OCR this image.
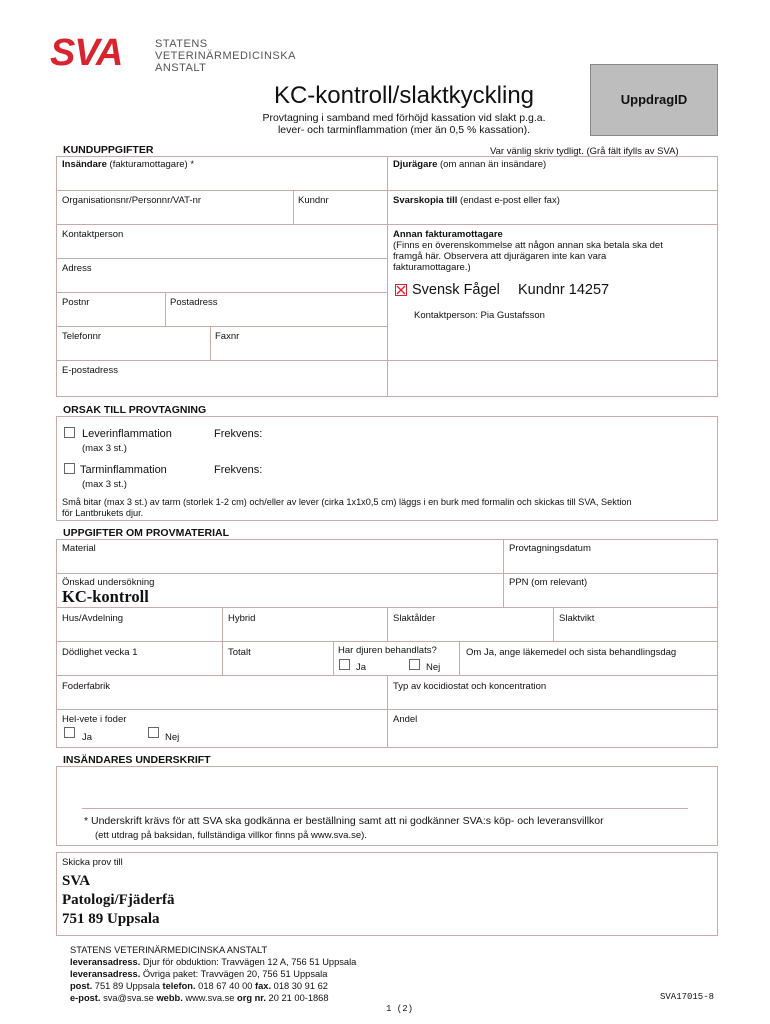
SVA	STATENS
VETERINÄRMEDICINSKA
ANSTALT
KC-kontroll/slaktkyckling
Provtagning i samband med förhöjd kassation vid slakt p.g.a.
lever- och tarminflammation (mer än 0,5 % kassation).
UppdragID
KUNDUPPGIFTER	Var vänlig skriv tydligt. (Grå fält ifylls av SVA)
Insändare (fakturamottagare) *	Djurägare (om annan än insändare)
Organisationsnr/Personnr/VAT-nr	Kundnr	Svarskopia till (endast e-post eller fax)
Kontaktperson	Annan fakturamottagare
(Finns en överenskommelse att någon annan ska betala ska det
framgå här. Observera att djurägaren inte kan vara
fakturamottagare.)
Adress
Svensk Fågel Kundnr 14257
Kontaktperson: Pia Gustafsson
Postnr	Postadress
Telefonnr	Faxnr
E-postadress
ORSAK TILL PROVTAGNING
Leverinflammation	Frekvens:
(max 3 st.)
Tarminflammation	Frekvens:
(max 3 st.)
Små bitar (max 3 st.) av tarm (storlek 1-2 cm) och/eller av lever (cirka 1x1x0,5 cm) läggs i en burk med formalin och skickas till SVA, Sektion
för Lantbrukets djur.
UPPGIFTER OM PROVMATERIAL
Material	Provtagningsdatum
Önskad undersökning	PPN (om relevant)
KC-kontroll
Hus/Avdelning	Hybrid	Slaktålder	Slaktvikt
Dödlighet vecka 1	Totalt	Har djuren behandlats?
Ja	Nej
Om Ja, ange läkemedel och sista behandlingsdag
Foderfabrik	Typ av kocidiostat och koncentration
Hel-vete i foder
Ja	Nej
Andel
INSÄNDARES UNDERSKRIFT
* Underskrift krävs för att SVA ska godkänna er beställning samt att ni godkänner SVA:s köp- och leveransvillkor
(ett utdrag på baksidan, fullständiga villkor finns på www.sva.se).
Skicka prov till
SVA
Patologi/Fjäderfä
751 89 Uppsala
STATENS VETERINÄRMEDICINSKA ANSTALT
leveransadress. Djur för obduktion: Travvägen 12 A, 756 51 Uppsala
leveransadress. Övriga paket: Travvägen 20, 756 51 Uppsala
post. 751 89 Uppsala telefon. 018 67 40 00 fax. 018 30 91 62
e-post. sva@sva.se webb. www.sva.se org nr. 20 21 00-1868	SVA17015-8
1 (2)
